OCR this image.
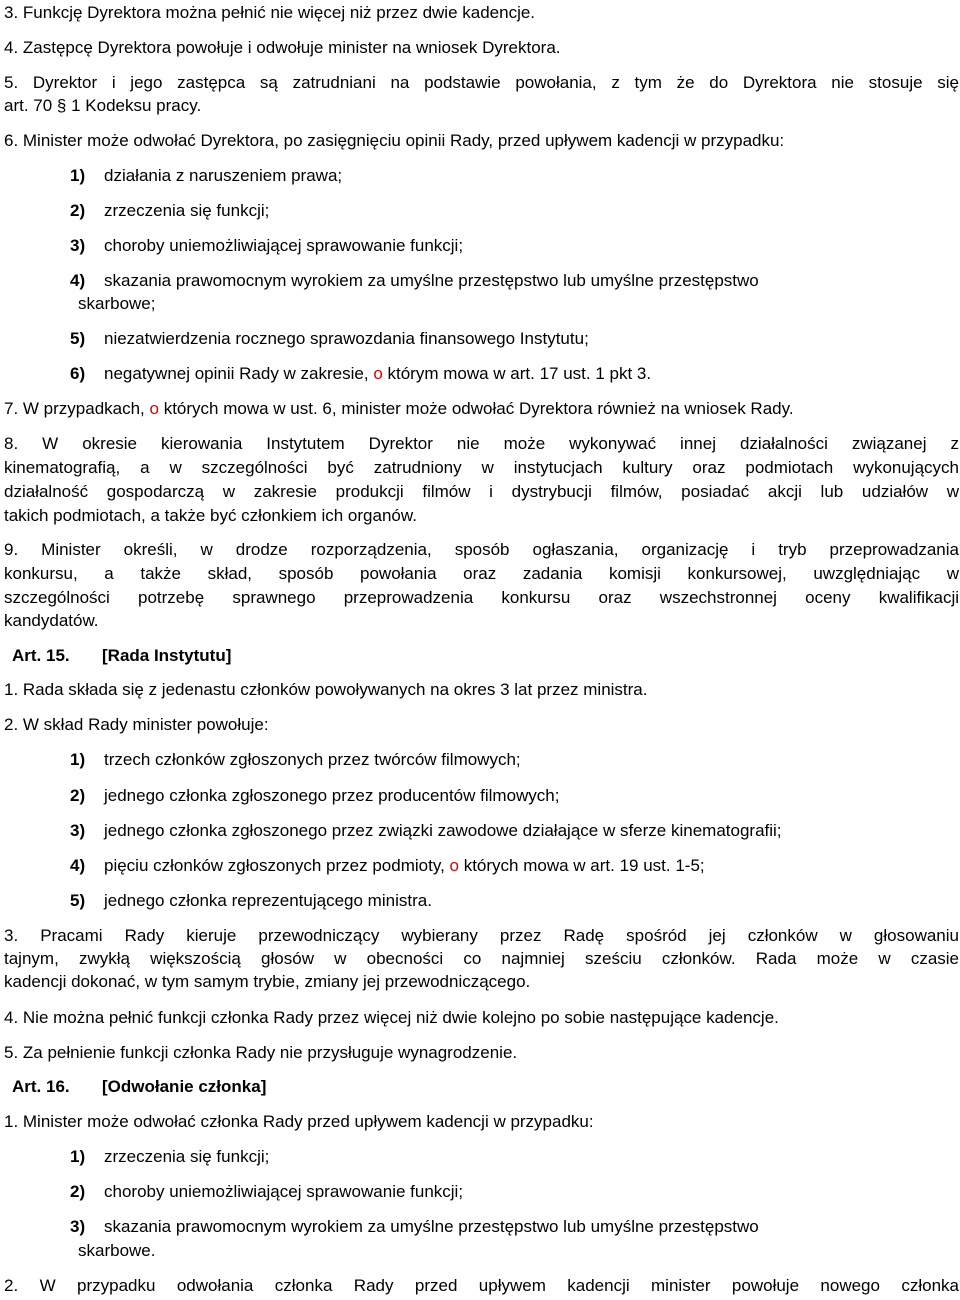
3. Funkcję Dyrektora można pełnić nie więcej niż przez dwie kadencje.
4. Zastępcę Dyrektora powołuje i odwołuje minister na wniosek Dyrektora.
5. Dyrektor i jego zastępca są zatrudniani na podstawie powołania, z tym że do Dyrektora nie stosuje się
art. 70 § 1 Kodeksu pracy.
6. Minister może odwołać Dyrektora, po zasięgnięciu opinii Rady, przed upływem kadencji w przypadku:
1) działania z naruszeniem prawa;
2) zrzeczenia się funkcji;
3) choroby uniemożliwiającej sprawowanie funkcji;
4) skazania prawomocnym wyrokiem za umyślne przestępstwo lub umyślne przestępstwo
skarbowe;
5) niezatwierdzenia rocznego sprawozdania finansowego Instytutu;
6) negatywnej opinii Rady w zakresie, o którym mowa w art. 17 ust. 1 pkt 3.
7. W przypadkach, o których mowa w ust. 6, minister może odwołać Dyrektora również na wniosek Rady.
8. W okresie kierowania Instytutem Dyrektor nie może wykonywać innej działalności związanej z
kinematografią, a w szczególności być zatrudniony w instytucjach kultury oraz podmiotach wykonujących
działalność gospodarczą w zakresie produkcji filmów i dystrybucji filmów, posiadać akcji lub udziałów w
takich podmiotach, a także być członkiem ich organów.
9. Minister określi, w drodze rozporządzenia, sposób ogłaszania, organizację i tryb przeprowadzania
konkursu, a także skład, sposób powołania oraz zadania komisji konkursowej, uwzględniając w
szczególności potrzebę sprawnego przeprowadzenia konkursu oraz wszechstronnej oceny kwalifikacji
kandydatów.
Art. 15. [Rada Instytutu]
1. Rada składa się z jedenastu członków powoływanych na okres 3 lat przez ministra.
2. W skład Rady minister powołuje:
1) trzech członków zgłoszonych przez twórców filmowych;
2) jednego członka zgłoszonego przez producentów filmowych;
3) jednego członka zgłoszonego przez związki zawodowe działające w sferze kinematografii;
4) pięciu członków zgłoszonych przez podmioty, o których mowa w art. 19 ust. 1-5;
5) jednego członka reprezentującego ministra.
3. Pracami Rady kieruje przewodniczący wybierany przez Radę spośród jej członków w głosowaniu
tajnym, zwykłą większością głosów w obecności co najmniej sześciu członków. Rada może w czasie
kadencji dokonać, w tym samym trybie, zmiany jej przewodniczącego.
4. Nie można pełnić funkcji członka Rady przez więcej niż dwie kolejno po sobie następujące kadencje.
5. Za pełnienie funkcji członka Rady nie przysługuje wynagrodzenie.
Art. 16. [Odwołanie członka]
1. Minister może odwołać członka Rady przed upływem kadencji w przypadku:
1) zrzeczenia się funkcji;
2) choroby uniemożliwiającej sprawowanie funkcji;
3) skazania prawomocnym wyrokiem za umyślne przestępstwo lub umyślne przestępstwo
skarbowe.
2. W przypadku odwołania członka Rady przed upływem kadencji minister powołuje nowego członka
